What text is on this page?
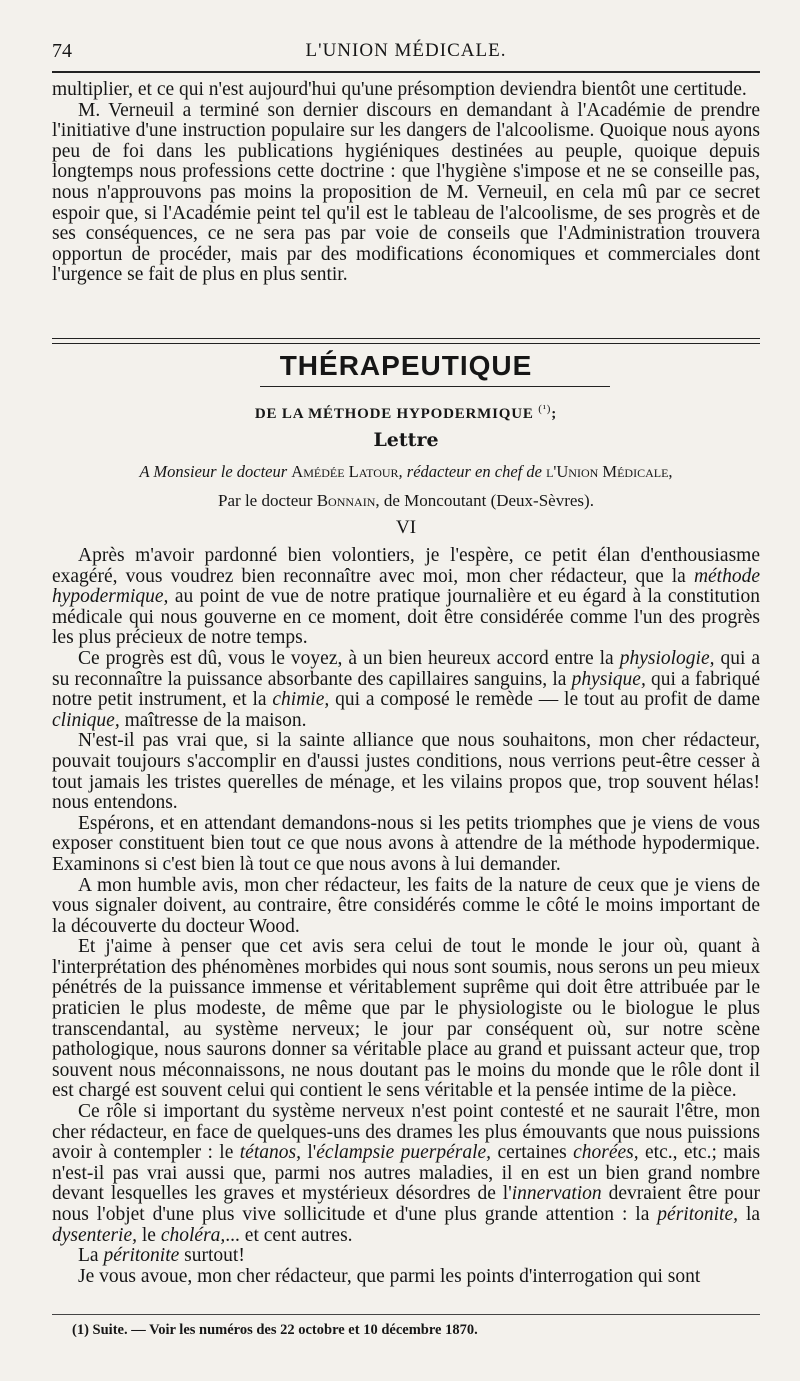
74	L'UNION MÉDICALE.

multiplier, et ce qui n'est aujourd'hui qu'une présomption deviendra bientôt une certitude.

M. Verneuil a terminé son dernier discours en demandant à l'Académie de prendre l'initiative d'une instruction populaire sur les dangers de l'alcoolisme. Quoique nous ayons peu de foi dans les publications hygiéniques destinées au peuple, quoique depuis longtemps nous professions cette doctrine : que l'hygiène s'impose et ne se conseille pas, nous n'approuvons pas moins la proposition de M. Verneuil, en cela mû par ce secret espoir que, si l'Académie peint tel qu'il est le tableau de l'alcoolisme, de ses progrès et de ses conséquences, ce ne sera pas par voie de conseils que l'Administration trouvera opportun de procéder, mais par des modifications économiques et commerciales dont l'urgence se fait de plus en plus sentir.

THÉRAPEUTIQUE
DE LA MÉTHODE HYPODERMIQUE $^{(^1)}$;
Lettre
A Monsieur le docteur Amédée Latour, rédacteur en chef de l'Union Médicale,
Par le docteur Bonnain, de Moncoutant (Deux-Sèvres).
VI

Après m'avoir pardonné bien volontiers, je l'espère, ce petit élan d'enthousiasme exagéré, vous voudrez bien reconnaître avec moi, mon cher rédacteur, que la méthode hypodermique, au point de vue de notre pratique journalière et eu égard à la constitution médicale qui nous gouverne en ce moment, doit être considérée comme l'un des progrès les plus précieux de notre temps.

Ce progrès est dû, vous le voyez, à un bien heureux accord entre la physiologie, qui a su reconnaître la puissance absorbante des capillaires sanguins, la physique, qui a fabriqué notre petit instrument, et la chimie, qui a composé le remède — le tout au profit de dame clinique, maîtresse de la maison.

N'est-il pas vrai que, si la sainte alliance que nous souhaitons, mon cher rédacteur, pouvait toujours s'accomplir en d'aussi justes conditions, nous verrions peut-être cesser à tout jamais les tristes querelles de ménage, et les vilains propos que, trop souvent hélas! nous entendons.

Espérons, et en attendant demandons-nous si les petits triomphes que je viens de vous exposer constituent bien tout ce que nous avons à attendre de la méthode hypodermique. Examinons si c'est bien là tout ce que nous avons à lui demander.

A mon humble avis, mon cher rédacteur, les faits de la nature de ceux que je viens de vous signaler doivent, au contraire, être considérés comme le côté le moins important de la découverte du docteur Wood.

Et j'aime à penser que cet avis sera celui de tout le monde le jour où, quant à l'interprétation des phénomènes morbides qui nous sont soumis, nous serons un peu mieux pénétrés de la puissance immense et véritablement suprême qui doit être attribuée par le praticien le plus modeste, de même que par le physiologiste ou le biologue le plus transcendantal, au système nerveux; le jour par conséquent où, sur notre scène pathologique, nous saurons donner sa véritable place au grand et puissant acteur que, trop souvent nous méconnaissons, ne nous doutant pas le moins du monde que le rôle dont il est chargé est souvent celui qui contient le sens véritable et la pensée intime de la pièce.

Ce rôle si important du système nerveux n'est point contesté et ne saurait l'être, mon cher rédacteur, en face de quelques-uns des drames les plus émouvants que nous puissions avoir à contempler : le tétanos, l'éclampsie puerpérale, certaines chorées, etc., etc.; mais n'est-il pas vrai aussi que, parmi nos autres maladies, il en est un bien grand nombre devant lesquelles les graves et mystérieux désordres de l'innervation devraient être pour nous l'objet d'une plus vive sollicitude et d'une plus grande attention : la péritonite, la dysenterie, le choléra,... et cent autres.

La péritonite surtout!

Je vous avoue, mon cher rédacteur, que parmi les points d'interrogation qui sont

(1) Suite. — Voir les numéros des 22 octobre et 10 décembre 1870.
